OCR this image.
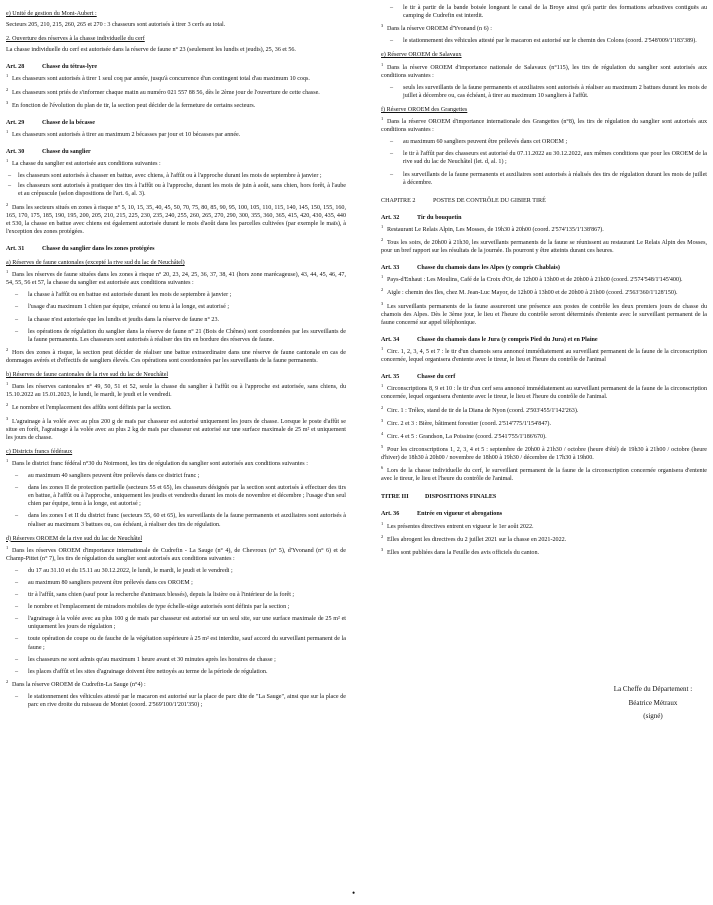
e) Unité de gestion du Mont-Aubert :

Secteurs 205, 210, 215, 260, 265 et 270 : 3 chasseurs sont autorisés à tirer 3 cerfs au total.

2. Ouverture des réserves à la chasse individuelle du cerf

La chasse individuelle du cerf est autorisée dans la réserve de faune n° 23 (seulement les lundis et jeudis), 25, 36 et 56.

Art. 28	Chasse du tétras-lyre

1Les chasseurs sont autorisés à tirer 1 seul coq par année, jusqu'à concurrence d'un contingent total d'au maximum 10 coqs.

2Les chasseurs sont priés de s'informer chaque matin au numéro 021 557 88 56, dès le 2ème jour de l'ouverture de cette chasse.

3En fonction de l'évolution du plan de tir, la section peut décider de la fermeture de certains secteurs.

Art. 29	Chasse de la bécasse

1Les chasseurs sont autorisés à tirer au maximum 2 bécasses par jour et 10 bécasses par année.

Art. 30	Chasse du sanglier

1La chasse du sanglier est autorisée aux conditions suivantes :

– les chasseurs sont autorisés à chasser en battue, avec chiens, à l'affût ou à l'approche durant les mois de septembre à janvier ;
– les chasseurs sont autorisés à pratiquer des tirs à l'affût ou à l'approche, durant les mois de juin à août, sans chien, hors forêt, à l'aube et au crépuscule (selon dispositions de l'art. 6, al. 3).

2Dans les secteurs situés en zones à risque n° 5, 10, 15, 35, 40, 45, 50, 70, 75, 80, 85, 90, 95, 100, 105, 110, 115, 140, 145, 150, 155, 160, 165, 170, 175, 185, 190, 195, 200, 205, 210, 215, 225, 230, 235, 240, 255, 260, 265, 270, 290, 300, 355, 360, 365, 415, 420, 430, 435, 440 et 530, la chasse en battue avec chiens est également autorisée durant le mois d'août dans les parcelles cultivées (par exemple le maïs), à l'exception des zones protégées.

Art. 31	Chasse du sanglier dans les zones protégées

a) Réserves de faune cantonales (excepté la rive sud du lac de Neuchâtel)

1Dans les réserves de faune situées dans les zones à risque n° 20, 23, 24, 25, 36, 37, 38, 41 (hors zone marécageuse), 43, 44, 45, 46, 47, 54, 55, 56 et 57, la chasse du sanglier est autorisée aux conditions suivantes :

– la chasse à l'affût ou en battue est autorisée durant les mois de septembre à janvier ;
– l'usage d'au maximum 1 chien par équipe, créancé ou tenu à la longe, est autorisé ;
– la chasse n'est autorisée que les lundis et jeudis dans la réserve de faune n° 23.
– les opérations de régulation du sanglier dans la réserve de faune n° 21 (Bois de Chênes) sont coordonnées par les surveillants de la faune permanents. Les chasseurs sont autorisés à réaliser des tirs en bordure des réserves de faune.

2Hors des zones à risque, la section peut décider de réaliser une battue extraordinaire dans une réserve de faune cantonale en cas de dommages avérés et d'effectifs de sangliers élevés. Ces opérations sont coordonnées par les surveillants de la faune permanents.

b) Réserves de faune cantonales de la rive sud du lac de Neuchâtel

1Dans les réserves cantonales n° 49, 50, 51 et 52, seule la chasse du sanglier à l'affût ou à l'approche est autorisée, sans chiens, du 15.10.2022 au 15.01.2023, le lundi, le mardi, le jeudi et le vendredi.

2Le nombre et l'emplacement des affûts sont définis par la section.

3L'agrainage à la volée avec au plus 200 g de maïs par chasseur est autorisé uniquement les jours de chasse. Lorsque le poste d'affût se situe en forêt, l'agrainage à la volée avec au plus 2 kg de maïs par chasseur est autorisé sur une surface maximale de 25 m² et uniquement les jours de chasse.

c) Districts francs fédéraux

1Dans le district franc fédéral n°30 du Noirmont, les tirs de régulation du sanglier sont autorisés aux conditions suivantes :

– au maximum 40 sangliers peuvent être prélevés dans ce district franc ;
– dans les zones II de protection partielle (secteurs 55 et 65), les chasseurs désignés par la section sont autorisés à effectuer des tirs en battue, à l'affût ou à l'approche, uniquement les jeudis et vendredis durant les mois de novembre et décembre ; l'usage d'un seul chien par équipe, tenu à la longe, est autorisé ;
– dans les zones I et II du district franc (secteurs 55, 60 et 65), les surveillants de la faune permanents et auxiliaires sont autorisés à réaliser au maximum 3 battues ou, cas échéant, à réaliser des tirs de régulation.

d) Réserves OROEM de la rive sud du lac de Neuchâtel

1Dans les réserves OROEM d'importance internationale de Cudrefin - La Sauge (n° 4), de Chevroux (n° 5), d'Yvonand (n° 6) et de Champ-Pittet (n° 7), les tirs de régulation du sanglier sont autorisés aux conditions suivantes :

– du 17 au 31.10 et du 15.11 au 30.12.2022, le lundi, le mardi, le jeudi et le vendredi ;
– au maximum 80 sangliers peuvent être prélevés dans ces OROEM ;
– tir à l'affût, sans chien (sauf pour la recherche d'animaux blessés), depuis la lisière ou à l'intérieur de la forêt ;
– le nombre et l'emplacement de miradors mobiles de type échelle-siège autorisés sont définis par la section ;
– l'agrainage à la volée avec au plus 100 g de maïs par chasseur est autorisé sur un seul site, sur une surface maximale de 25 m² et uniquement les jours de régulation ;
– toute opération de coupe ou de fauche de la végétation supérieure à 25 m² est interdite, sauf accord du surveillant permanent de la faune ;
– les chasseurs ne sont admis qu'au maximum 1 heure avant et 30 minutes après les horaires de chasse ;
– les places d'affût et les sites d'agrainage doivent être nettoyés au terme de la période de régulation.

2Dans la réserve OROEM de Cudrefin-La Sauge (n°4) :

– le stationnement des véhicules attesté par le macaron est autorisé sur la place de parc dite de "La Sauge", ainsi que sur la place de parc en rive droite du ruisseau de Montet (coord. 2'569'100/1'201'350) ;
– le tir à partir de la bande boisée longeant le canal de la Broye ainsi qu'à partir des formations arbustives contiguës au camping de Cudrefin est interdit.

3Dans la réserve OROEM d'Yvonand (n 6) :

– le stationnement des véhicules attesté par le macaron est autorisé sur le chemin des Colons (coord. 2'548'009/1'183'389).

e) Réserve OROEM de Salavaux

1Dans la réserve OROEM d'importance nationale de Salavaux (n°115), les tirs de régulation du sanglier sont autorisés aux conditions suivantes :

– seuls les surveillants de la faune permanents et auxiliaires sont autorisés à réaliser au maximum 2 battues durant les mois de juillet à décembre ou, cas échéant, à tirer au maximum 10 sangliers à l'affût.

f) Réserve OROEM des Grangettes

1Dans la réserve OROEM d'importance internationale des Grangettes (n°8), les tirs de régulation du sanglier sont autorisés aux conditions suivantes :

– au maximum 60 sangliers peuvent être prélevés dans cet OROEM ;
– le tir à l'affût par des chasseurs est autorisé du 07.11.2022 au 30.12.2022, aux mêmes conditions que pour les OROEM de la rive sud du lac de Neuchâtel (let. d, al. 1) ;
– les surveillants de la faune permanents et auxiliaires sont autorisés à réalisés des tirs de régulation durant les mois de juillet à décembre.

CHAPITRE 2	POSTES DE CONTRÔLE DU GIBIER TIRÉ

Art. 32	Tir du bouquetin

1Restaurant Le Relais Alpin, Les Mosses, de 19h30 à 20h00 (coord. 2'574'135/1'138'867).

2Tous les soirs, de 20h00 à 21h30, les surveillants permanents de la faune se réunissent au restaurant Le Relais Alpin des Mosses, pour un bref rapport sur les résultats de la journée. Ils pourront y être atteints durant ces heures.

Art. 33	Chasse du chamois dans les Alpes (y compris Chablais)

1Pays-d'Enhaut : Les Moulins, Café de la Croix d'Or, de 12h00 à 13h00 et de 20h00 à 21h00 (coord. 2'574'548/1'145'400).

2Aigle : chemin des Iles, chez M. Jean-Luc Mayor, de 12h00 à 13h00 et de 20h00 à 21h00 (coord. 2'563'360/1'128'150).

3Les surveillants permanents de la faune assureront une présence aux postes de contrôle les deux premiers jours de chasse du chamois des Alpes. Dès le 3ème jour, le lieu et l'heure du contrôle seront déterminés d'entente avec le surveillant permanent de la faune concerné sur appel téléphonique.

Art. 34	Chasse du chamois dans le Jura (y compris Pied du Jura) et en Plaine

1Circ. 1, 2, 3, 4, 5 et 7 : le tir d'un chamois sera annoncé immédiatement au surveillant permanent de la faune de la circonscription concernée, lequel organisera d'entente avec le tireur, le lieu et l'heure du contrôle de l'animal

Art. 35	Chasse du cerf

1Circonscriptions 8, 9 et 10 : le tir d'un cerf sera annoncé immédiatement au surveillant permanent de la faune de la circonscription concernée, lequel organisera d'entente avec le tireur, le lieu et l'heure du contrôle de l'animal.

2Circ. 1 : Trélex, stand de tir de la Diana de Nyon (coord. 2'503'455/1'142'263).

3Circ. 2 et 3 : Bière, bâtiment forestier (coord. 2'514'775/1'154'847).

4Circ. 4 et 5 : Grandson, La Poissine (coord. 2'541'755/1'186'670).

5Pour les circonscriptions 1, 2, 3, 4 et 5 : septembre de 20h00 à 21h30 / octobre (heure d'été) de 19h30 à 21h00 / octobre (heure d'hiver) de 18h30 à 20h00 / novembre de 18h00 à 19h30 / décembre de 17h30 à 19h00.

6Lors de la chasse individuelle du cerf, le surveillant permanent de la faune de la circonscription concernée organisera d'entente avec le tireur, le lieu et l'heure du contrôle de l'animal.

TITRE III	DISPOSITIONS FINALES

Art. 36	Entrée en vigueur et abrogations

1Les présentes directives entrent en vigueur le 1er août 2022.

2Elles abrogent les directives du 2 juillet 2021 sur la chasse en 2021-2022.

3Elles sont publiées dans la Feuille des avis officiels du canton.

La Cheffe du Département :
Béatrice Métraux
(signé)
•
